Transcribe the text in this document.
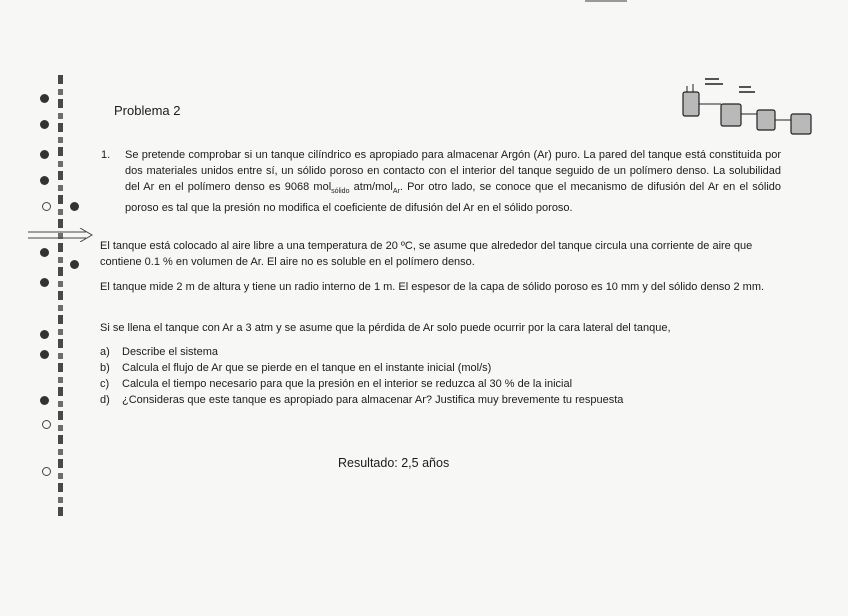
Problema 2
1. Se pretende comprobar si un tanque cilíndrico es apropiado para almacenar Argón (Ar) puro. La pared del tanque está constituida por dos materiales unidos entre sí, un sólido poroso en contacto con el interior del tanque seguido de un polímero denso. La solubilidad del Ar en el polímero denso es 9068 mol$_{sólido}$ atm/mol$_{Ar}$. Por otro lado, se conoce que el mecanismo de difusión del Ar en el sólido poroso es tal que la presión no modifica el coeficiente de difusión del Ar en el sólido poroso.
El tanque está colocado al aire libre a una temperatura de 20 ºC, se asume que alrededor del tanque circula una corriente de aire que contiene 0.1 % en volumen de Ar. El aire no es soluble en el polímero denso.
El tanque mide 2 m de altura y tiene un radio interno de 1 m. El espesor de la capa de sólido poroso es 10 mm y del sólido denso 2 mm.
Si se llena el tanque con Ar a 3 atm y se asume que la pérdida de Ar solo puede ocurrir por la cara lateral del tanque,
a)	Describe el sistema
b)	Calcula el flujo de Ar que se pierde en el tanque en el instante inicial (mol/s)
c)	Calcula el tiempo necesario para que la presión en el interior se reduzca al 30 % de la inicial
d)	¿Consideras que este tanque es apropiado para almacenar Ar? Justifica muy brevemente tu respuesta
Resultado: 2,5 años
